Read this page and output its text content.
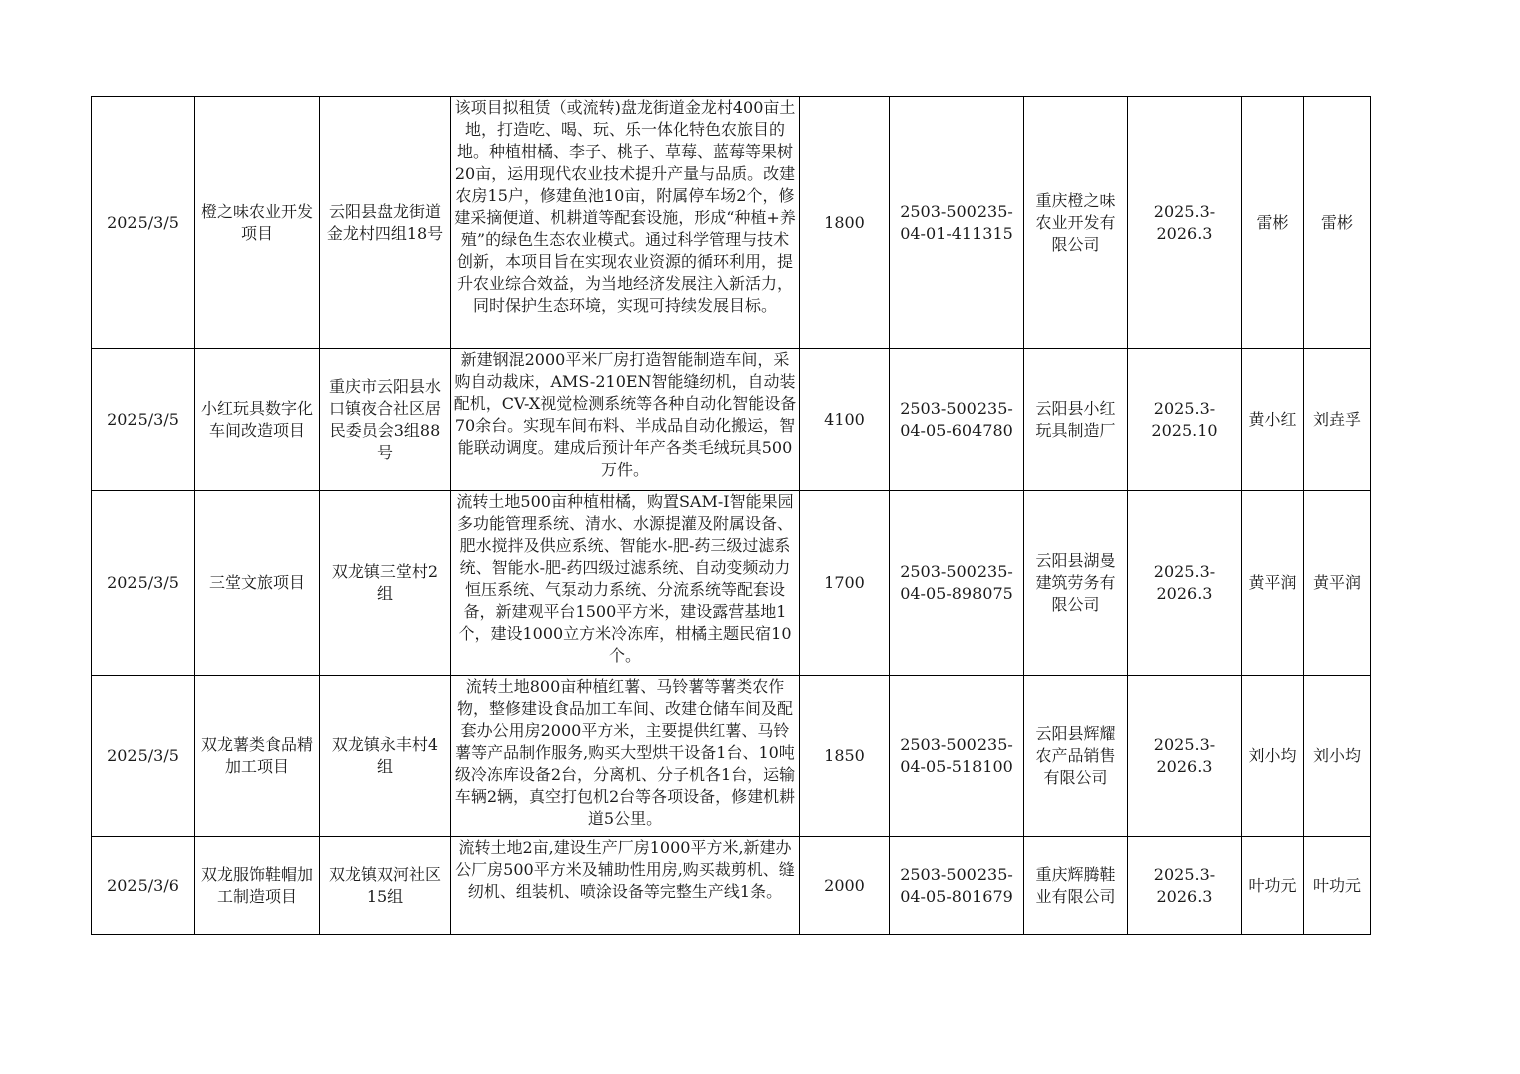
2025/3/5	橙之味农业开发项目	云阳县盘龙街道金龙村四组18号	该项目拟租赁（或流转)盘龙街道金龙村400亩土地，打造吃、喝、玩、乐一体化特色农旅目的地。种植柑橘、李子、桃子、草莓、蓝莓等果树20亩，运用现代农业技术提升产量与品质。改建农房15户，修建鱼池10亩，附属停车场2个，修建采摘便道、机耕道等配套设施，形成“种植+养殖”的绿色生态农业模式。通过科学管理与技术创新，本项目旨在实现农业资源的循环利用，提升农业综合效益，为当地经济发展注入新活力，同时保护生态环境，实现可持续发展目标。	1800	2503-500235-04-01-411315	重庆橙之味农业开发有限公司	2025.3-2026.3	雷彬	雷彬
2025/3/5	小红玩具数字化车间改造项目	重庆市云阳县水口镇夜合社区居民委员会3组88号	新建钢混2000平米厂房打造智能制造车间，采购自动裁床，AMS-210EN智能缝纫机，自动装配机，CV-X视觉检测系统等各种自动化智能设备70余台。实现车间布料、半成品自动化搬运，智能联动调度。建成后预计年产各类毛绒玩具500万件。	4100	2503-500235-04-05-604780	云阳县小红玩具制造厂	2025.3-2025.10	黄小红	刘垚孚
2025/3/5	三堂文旅项目	双龙镇三堂村2组	流转土地500亩种植柑橘，购置SAM-I智能果园多功能管理系统、清水、水源提灌及附属设备、肥水搅拌及供应系统、智能水-肥-药三级过滤系统、智能水-肥-药四级过滤系统、自动变频动力恒压系统、气泵动力系统、分流系统等配套设备，新建观平台1500平方米，建设露营基地1个，建设1000立方米冷冻库，柑橘主题民宿10个。	1700	2503-500235-04-05-898075	云阳县湖曼建筑劳务有限公司	2025.3-2026.3	黄平润	黄平润
2025/3/5	双龙薯类食品精加工项目	双龙镇永丰村4组	流转土地800亩种植红薯、马铃薯等薯类农作物，整修建设食品加工车间、改建仓储车间及配套办公用房2000平方米，主要提供红薯、马铃薯等产品制作服务,购买大型烘干设备1台、10吨级冷冻库设备2台，分离机、分子机各1台，运输车辆2辆，真空打包机2台等各项设备，修建机耕道5公里。	1850	2503-500235-04-05-518100	云阳县辉耀农产品销售有限公司	2025.3-2026.3	刘小均	刘小均
2025/3/6	双龙服饰鞋帽加工制造项目	双龙镇双河社区15组	流转土地2亩,建设生产厂房1000平方米,新建办公厂房500平方米及辅助性用房,购买裁剪机、缝纫机、组装机、喷涂设备等完整生产线1条。	2000	2503-500235-04-05-801679	重庆辉腾鞋业有限公司	2025.3-2026.3	叶功元	叶功元
